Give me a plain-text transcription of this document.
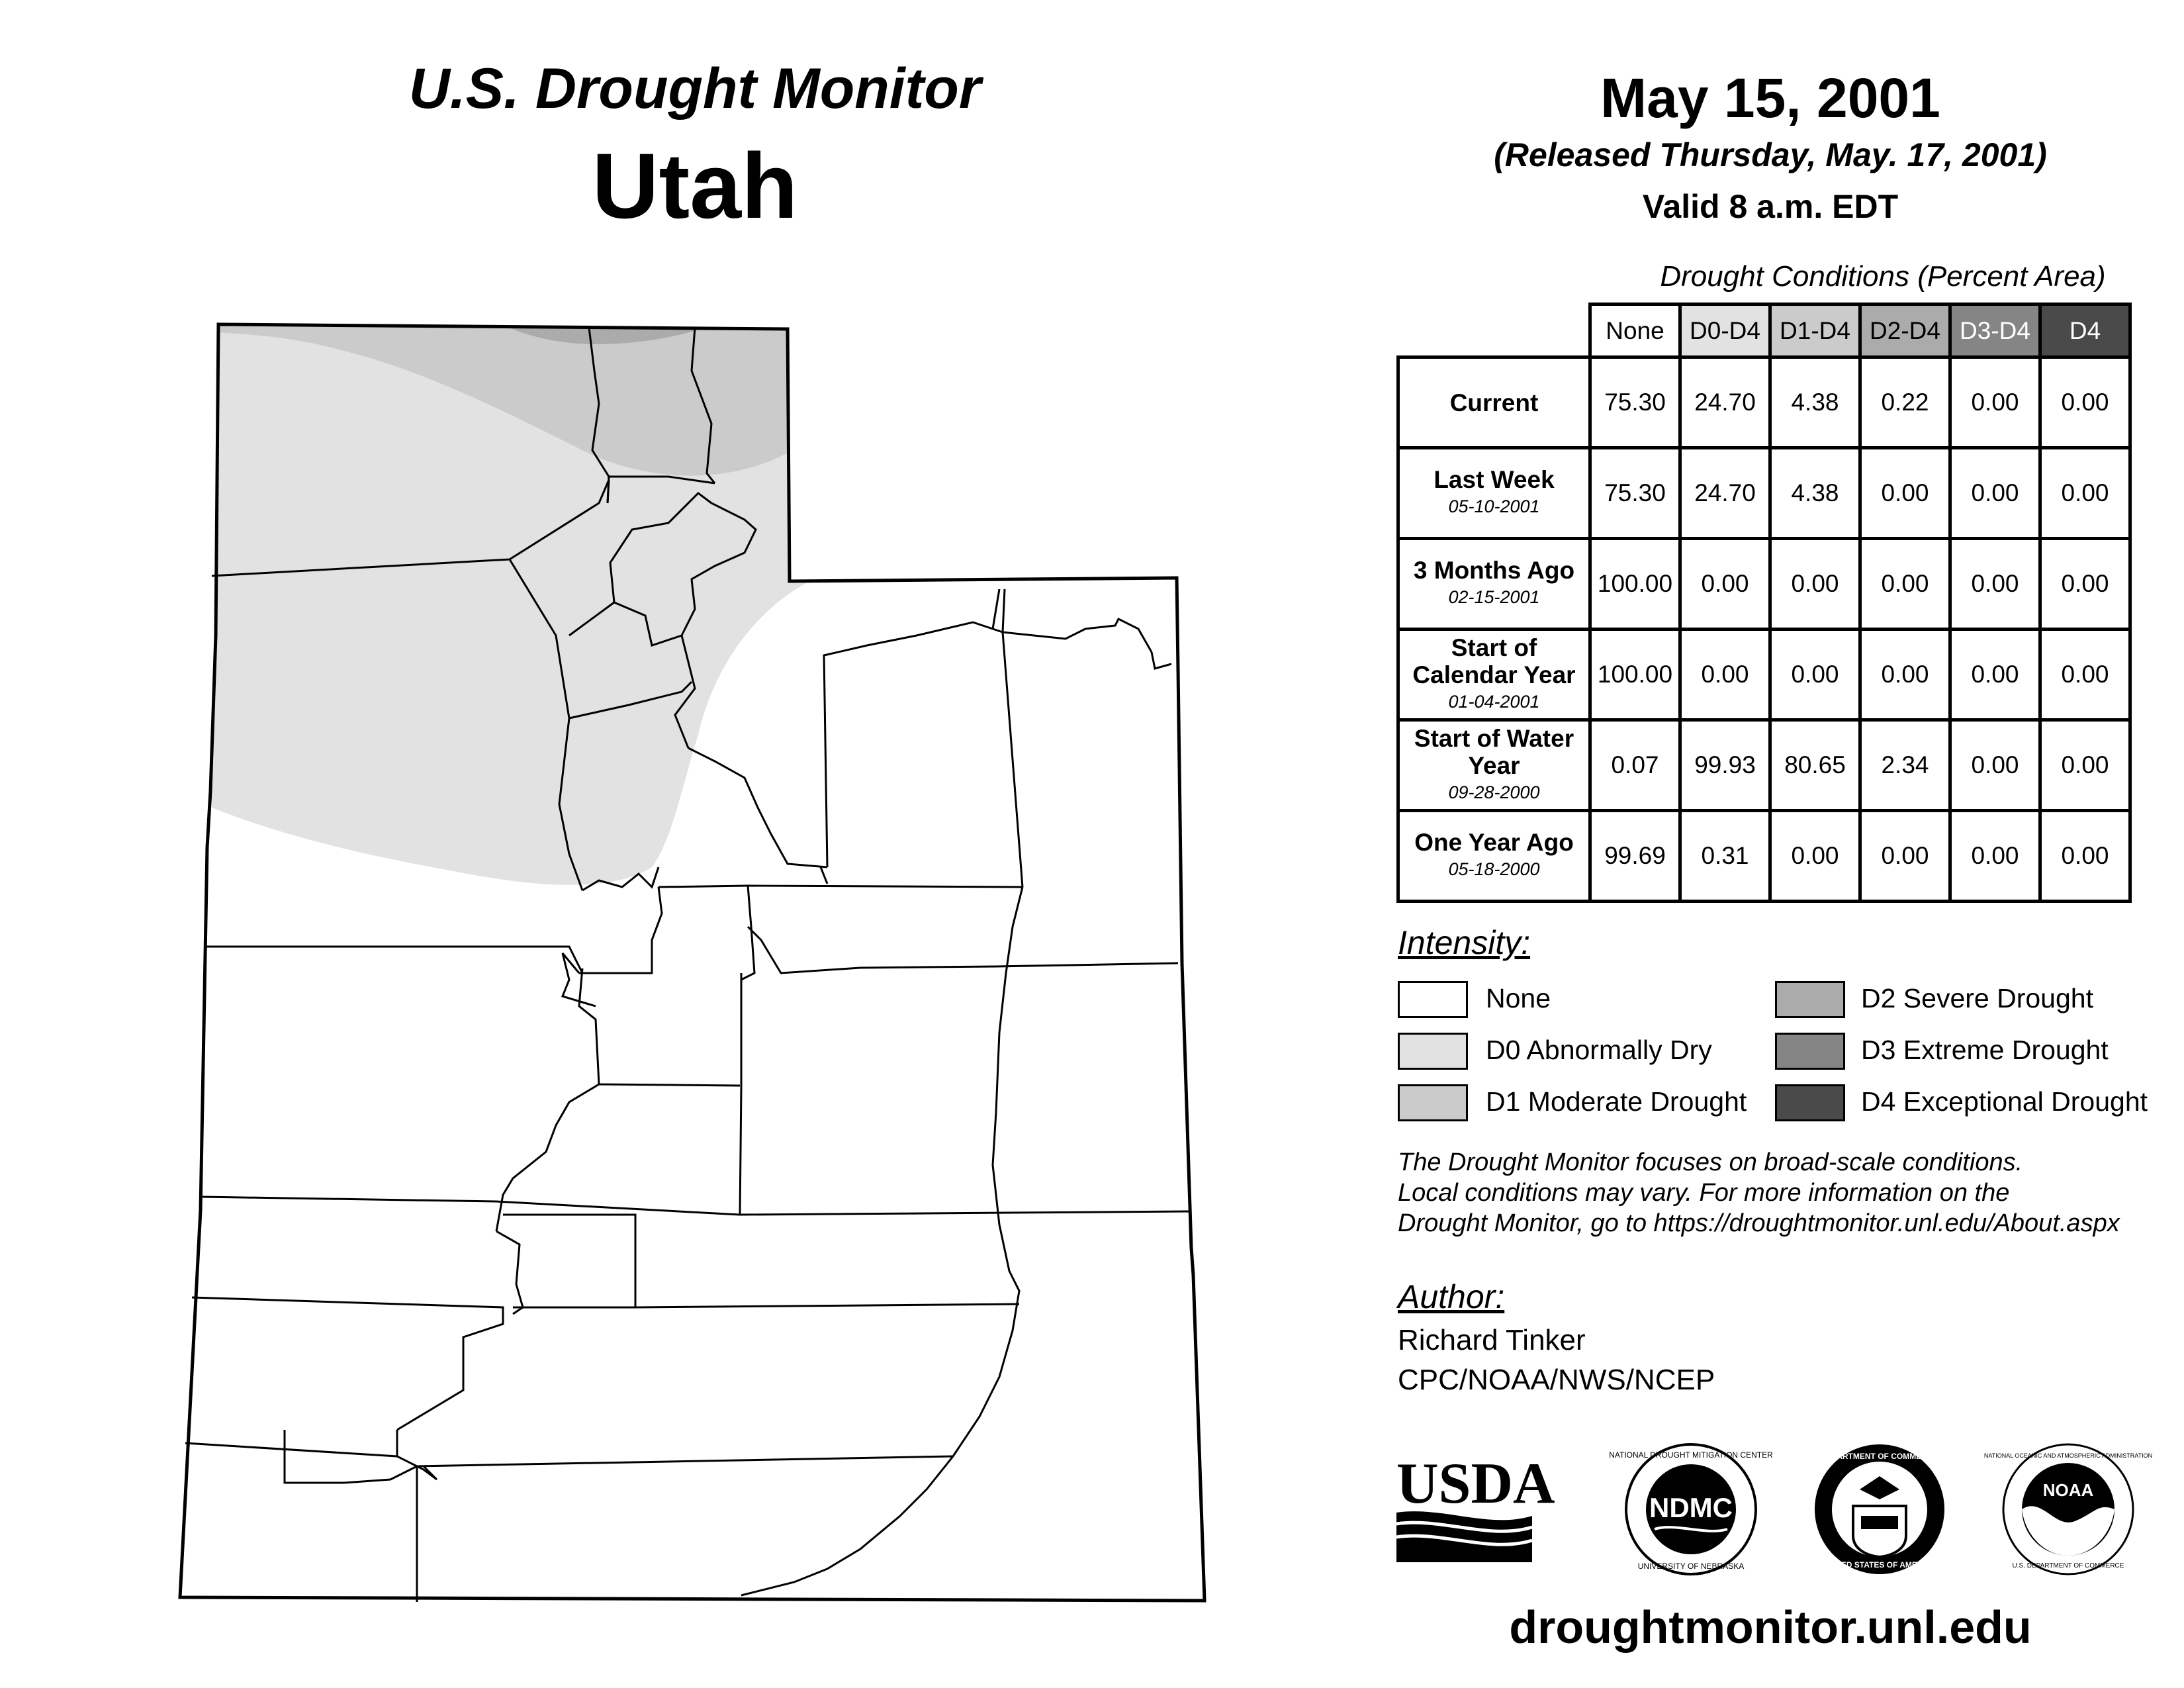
U.S. Drought Monitor
Utah
May 15, 2001
(Released Thursday, May. 17, 2001)
Valid 8 a.m. EDT
Drought Conditions (Percent Area)
	None	D0-D4	D1-D4	D2-D4	D3-D4	D4
Current	75.30	24.70	4.38	0.22	0.00	0.00
Last Week
05-10-2001	75.30	24.70	4.38	0.00	0.00	0.00
3 Months Ago
02-15-2001	100.00	0.00	0.00	0.00	0.00	0.00
Start of Calendar Year
01-04-2001	100.00	0.00	0.00	0.00	0.00	0.00
Start of Water Year
09-28-2000	0.07	99.93	80.65	2.34	0.00	0.00
One Year Ago
05-18-2000	99.69	0.31	0.00	0.00	0.00	0.00
Intensity:
None
D0 Abnormally Dry
D1 Moderate Drought
D2 Severe Drought
D3 Extreme Drought
D4 Exceptional Drought
The Drought Monitor focuses on broad-scale conditions.
Local conditions may vary. For more information on the
Drought Monitor, go to https://droughtmonitor.unl.edu/About.aspx
Author:
Richard Tinker
CPC/NOAA/NWS/NCEP
USDA	NDMC
NATIONAL DROUGHT MITIGATION CENTER
UNIVERSITY OF NEBRASKA
DEPARTMENT OF COMMERCE
UNITED STATES OF AMERICA
NOAA
NATIONAL OCEANIC AND ATMOSPHERIC ADMINISTRATION
U.S. DEPARTMENT OF COMMERCE
droughtmonitor.unl.edu
